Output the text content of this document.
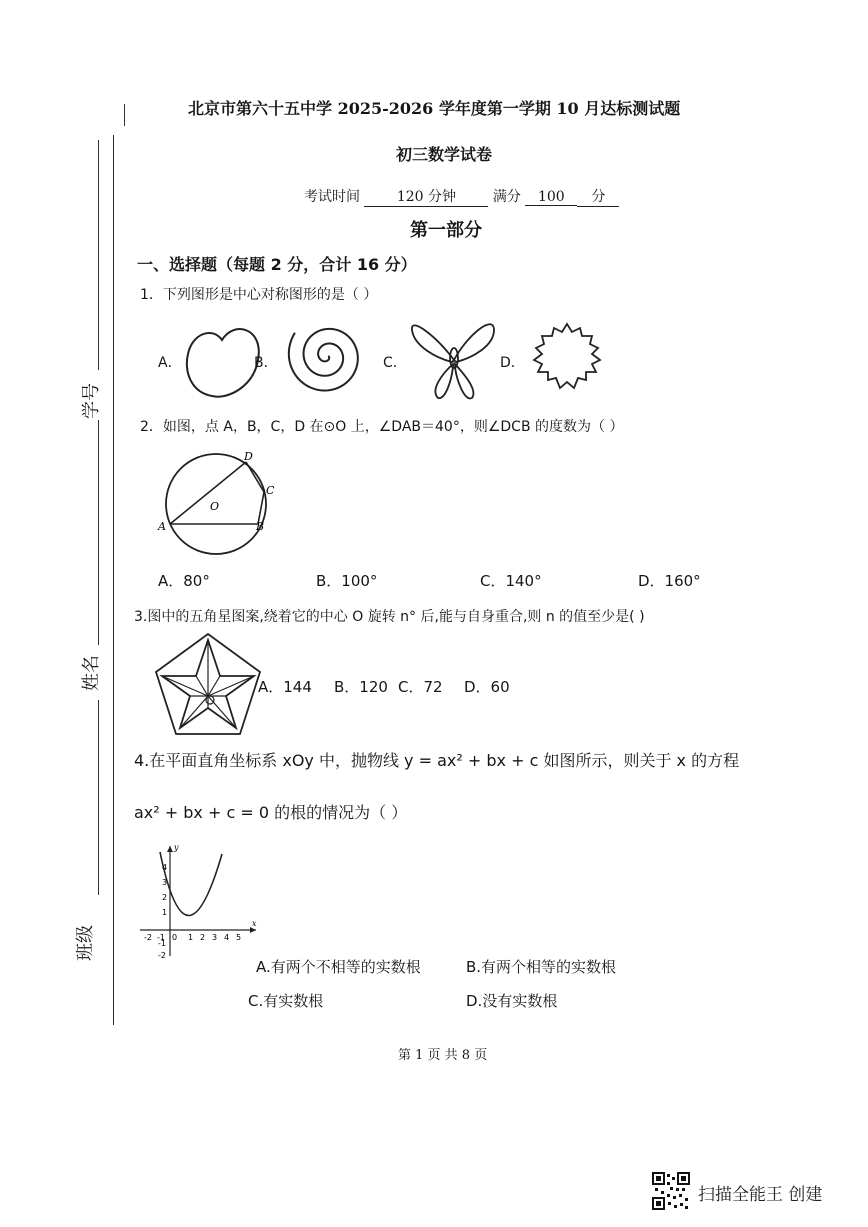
学号
姓名
班级
北京市第六十五中学 2025-2026 学年度第一学期 10 月达标测试题
初三数学试卷
考试时间	120 分钟	满分 100 分
第一部分
一、选择题（每题 2 分，合计 16 分）
1．下列图形是中心对称图形的是（ ）
A．	B．	C．	D．
2．如图，点 A，B，C，D 在⊙O 上，∠DAB＝40°，则∠DCB 的度数为（ ）
D
C
A	B
O
A．80°	B．100°	C．140°	D．160°
3.图中的五角星图案,绕着它的中心 O 旋转 n° 后,能与自身重合,则 n 的值至少是( )
A．144 B．120 C．72 D．60
4.在平面直角坐标系 xOy 中，抛物线 y = ax² + bx + c 如图所示，则关于 x 的方程
ax² + bx + c = 0 的根的情况为（ ）
x
y
-2 -1 0 1 2 3 4 5
4
3
2
1
-1
-2
A.有两个不相等的实数根	B.有两个相等的实数根
C.有实数根	D.没有实数根
第 1 页 共 8 页
扫描全能王 创建
